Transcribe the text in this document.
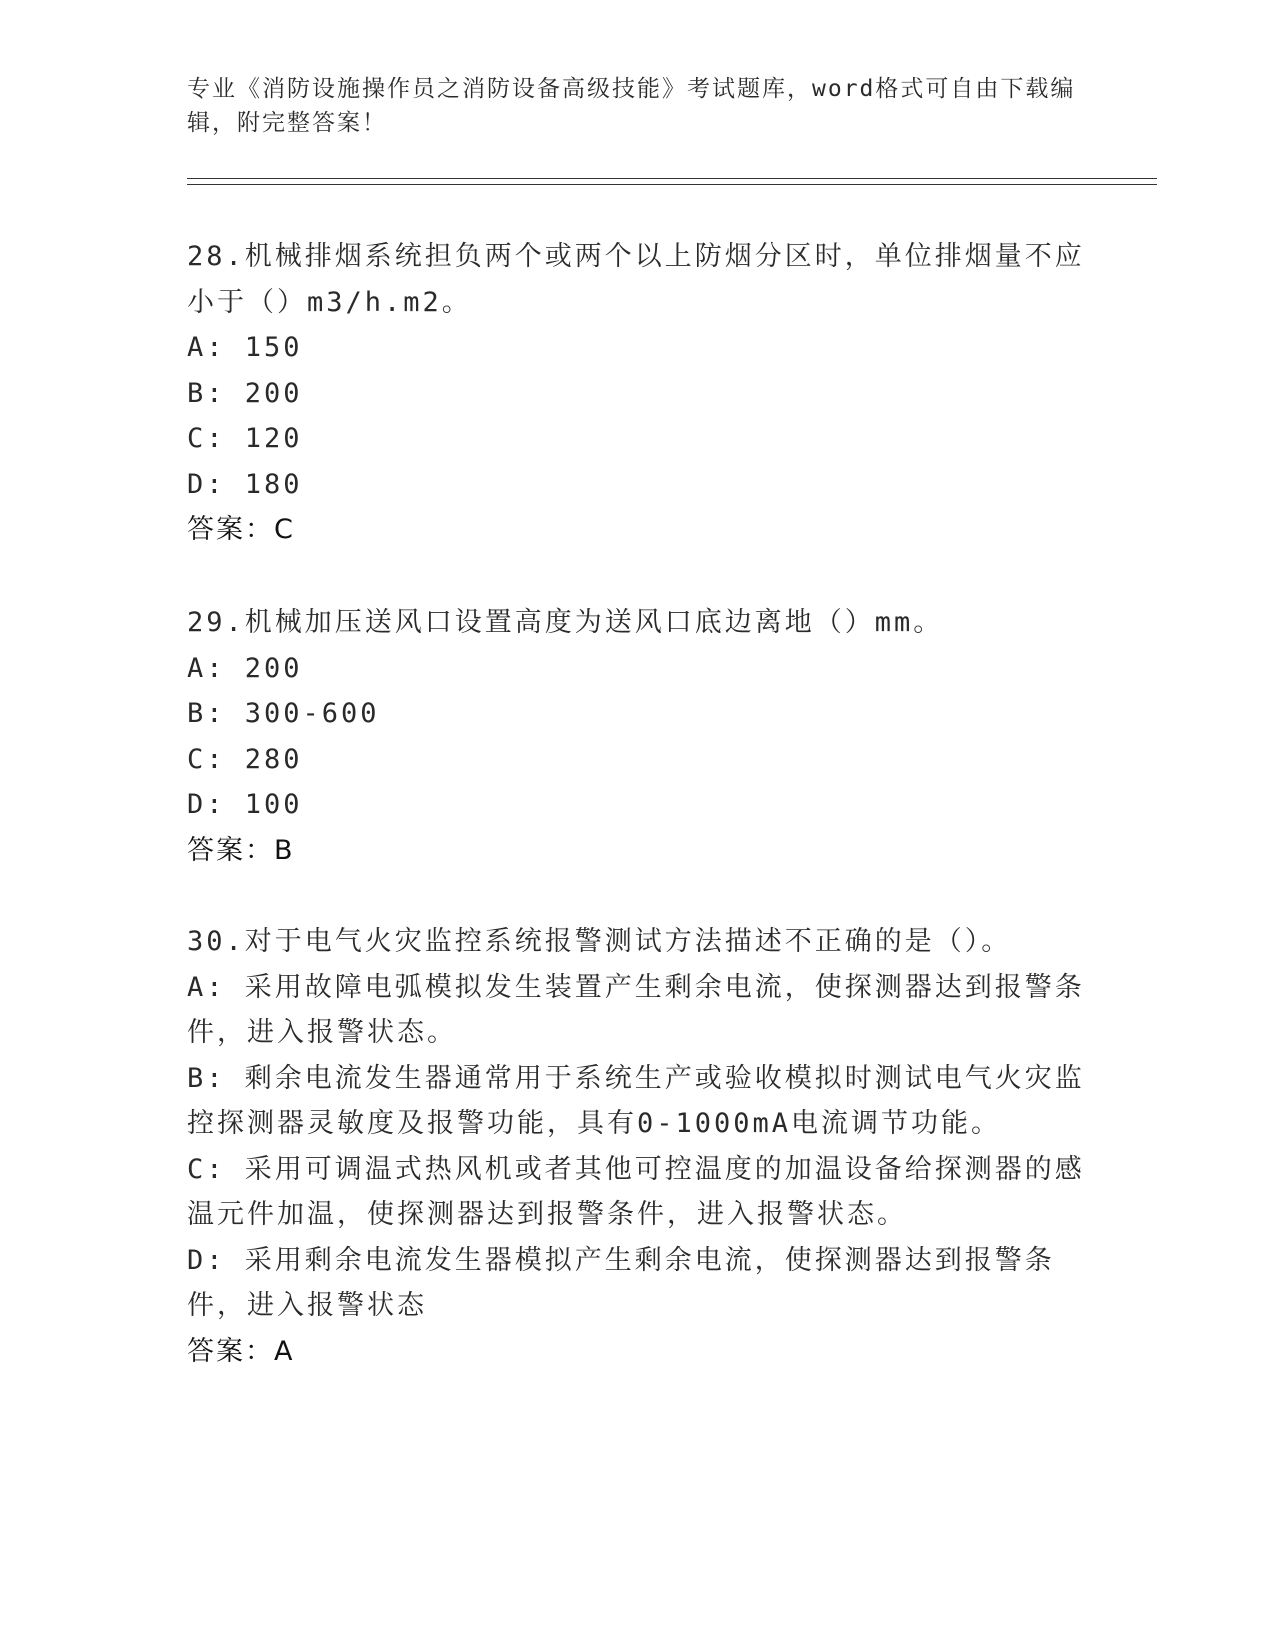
专业《消防设施操作员之消防设备高级技能》考试题库，word格式可自由下载编辑，附完整答案！
28.机械排烟系统担负两个或两个以上防烟分区时，单位排烟量不应小于（）m3/h.m2。
A: 150
B: 200
C: 120
D: 180
答案：C
29.机械加压送风口设置高度为送风口底边离地（）mm。
A: 200
B: 300-600
C: 280
D: 100
答案：B
30.对于电气火灾监控系统报警测试方法描述不正确的是（）。
A: 采用故障电弧模拟发生装置产生剩余电流，使探测器达到报警条件，进入报警状态。
B: 剩余电流发生器通常用于系统生产或验收模拟时测试电气火灾监控探测器灵敏度及报警功能，具有0-1000mA电流调节功能。
C: 采用可调温式热风机或者其他可控温度的加温设备给探测器的感温元件加温，使探测器达到报警条件，进入报警状态。
D: 采用剩余电流发生器模拟产生剩余电流，使探测器达到报警条件，进入报警状态
答案：A
